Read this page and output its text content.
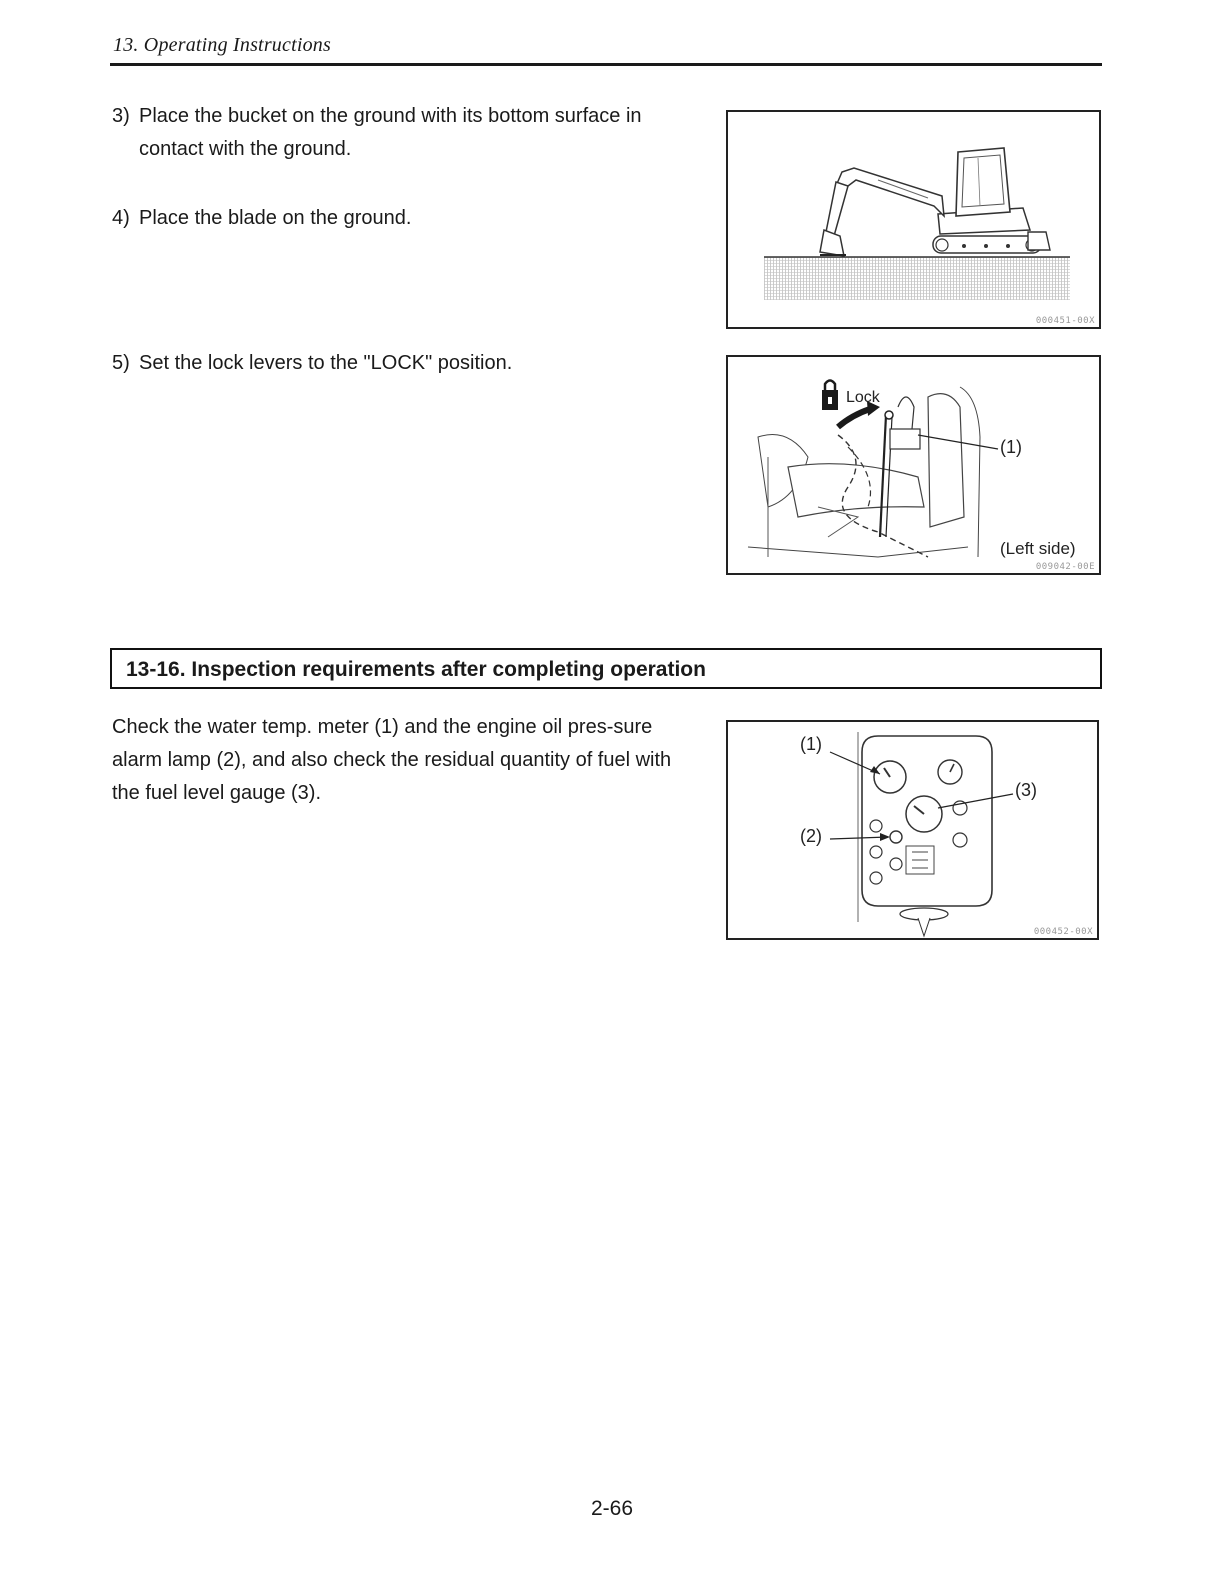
13. Operating Instructions
3) Place the bucket on the ground with its bottom surface in contact with the ground.
4) Place the blade on the ground.
5) Set the lock levers to the "LOCK" position.
000451-00X
Lock
(1)
(Left side)
009042-00E
13-16. Inspection requirements after completing operation
Check the water temp. meter (1) and the engine oil pres-sure alarm lamp (2), and also check the residual quantity of fuel with the fuel level gauge (3).
(1)
(2)
(3)
000452-00X
2-66
